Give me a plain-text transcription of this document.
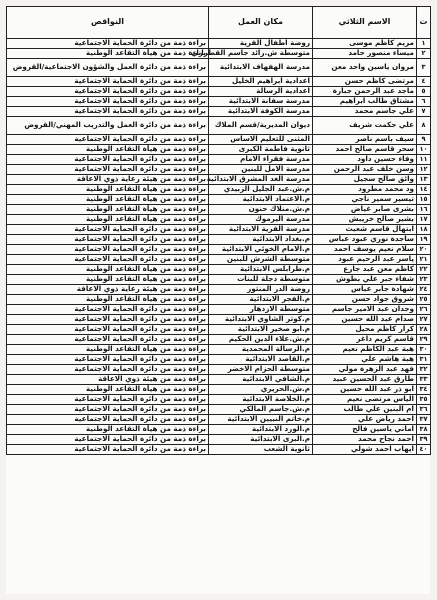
ت	الاسم الثلاثي	مكان العمل	النواقص
١	مريم كاظم موسى	روضة اطفال القرية	براءة ذمة من دائرة الحماية الاجتماعية
٢	ميساء منصور حامد	متوسطة ش.رائد جاسم القطراني	براءة ذمة من هيأة التقاعد الوطنية
٣	مروان ياسين واحد معن	مدرسة الهفهاف الابتدائية	براءة ذمة من دائرة العمل والشؤون الاجتماعية/القروض
٤	مرتضى كاظم حسن	اعدادية ابراهيم الخليل	براءة ذمة من دائرة الحماية الاجتماعية
٥	ماجد عبد الرحمن جبارة	اعدادية الرسالة	براءة ذمة من دائرة الحماية الاجتماعية
٦	مشتاق طالب ابراهيم	مدرسة سفانة الابتدائية	براءة ذمة من دائرة الحماية الاجتماعية
٧	علي جاسم محمد	مدرسة الكوفة الابتدائية	براءة ذمة من دائرة الحماية الاجتماعية
٨	علي حكمت شريف	ديوان المديرية/قسم الملاك	براءة ذمة من دائرة العمل والتدريب المهني/القروض
٩	سيف باسم ناصر	المثنى للتعليم الاساس	براءة ذمة من دائرة الحماية الاجتماعية
١٠	سحر قاسم صالح احمد	ثانوية فاطمة الكبرى	براءة ذمة من هيأة التقاعد الوطنية
١١	وفاء حسين داود	مدرسة فقراء الامام	براءة ذمة من دائرة الحماية الاجتماعية
١٢	وسن خلف عبد الرحمن	مدرسة الامل للبنين	براءة ذمة من دائرة الحماية الاجتماعية
١٣	وائق صالح سجيل	مدرسة الغد المشرق الابتدائية	براءة ذمة من هيئة رعاية ذوي الاعاقة
١٤	ود محمد مطرود	م.ش.عبد الجليل الزبيدي	براءة ذمة من هيأة التقاعد الوطنية
١٥	تيسير سمير ناجي	م.الاعتماد الابتدائية	براءة ذمة من هيأة التقاعد الوطنية
١٦	بشرى صابر غياض	م.ش.منلاك حنون	براءة ذمة من هيأة التقاعد الوطنية
١٧	بشير صالح خريبش	مدرسة اليرموك	براءة ذمة من هيأة التقاعد الوطنية
١٨	ابتهال قاسم شعيث	مدرسة القرية الابتدائية	براءة ذمة من دائرة الحماية الاجتماعية
١٩	ساجدة نوري عبود عباس	م.بغداد الابتدائية	براءة ذمة من دائرة الحماية الاجتماعية
٢٠	سلام نعيم يوسف احمد	م.الامام الخوئي الابتدائية	براءة ذمة من دائرة الحماية الاجتماعية
٢١	ياسر عبد الرحيم عبود	متوسطة الشرش للبنين	براءة ذمة من دائرة الحماية الاجتماعية
٢٢	كاظم معن عبد جارع	م.طرابلس الابتدائية	براءة ذمة من هيأة التقاعد الوطنية
٢٣	شفاء جبر علي بطوش	متوسطة دجلة للبنات	براءة ذمة من هيأة التقاعد الوطنية
٢٤	شهادة جابر عباس	روضة الدر المنثور	براءة ذمة من هيئة رعاية ذوي الاعاقة
٢٥	شروق جواد حسن	م.الفجر الابتدائية	براءة ذمة من هيأة التقاعد الوطنية
٢٦	وجدان عبد الامير جاسم	متوسطة الازدهار	براءة ذمة من دائرة الحماية الاجتماعية
٢٧	صدام عبد الله حسين	م.كوثر الشاوي الابتدائية	براءة ذمة من دائرة الحماية الاجتماعية
٢٨	كرار كاظم محيل	م.ابو صخير الابتدائية	براءة ذمة من دائرة الحماية الاجتماعية
٢٩	قاسم كريم داغر	م.ش.علاء الدين الحكيم	براءة ذمة من دائرة الحماية الاجتماعية
٣٠	هبة عبد الكاظم نعيم	م.الرسالة المحمدية	براءة ذمة من هيأة التقاعد الوطنية
٣١	هبة هاشم علي	م.القاصد الابتدائية	براءة ذمة من دائرة الحماية الاجتماعية
٣٢	فهد عبد الزهرة مولي	متوسطة الحزام الاخضر	براءة ذمة من دائرة الحماية الاجتماعية
٣٣	طارق عبد الحسين عبيد	م.الشافي الابتدائية	براءة ذمة من هيئة ذوي الاعاقة
٣٤	ابو ذر عبد الله حسين	م.ش.الحريري	براءة ذمة من هيأة التقاعد الوطنية
٣٥	الياس مرتضى نعيم	م.الخلاصة الابتدائية	براءة ذمة من دائرة الحماية الاجتماعية
٣٦	ام البنين علي طالب	م.ش.جاسم المالكي	براءة ذمة من دائرة الحماية الاجتماعية
٣٧	احمد رياض علي	م.خاتم النبيين الابتدائية	براءة ذمة من دائرة الحماية الاجتماعية
٣٨	اماني ياسين فالح	م.الورد الابتدائية	براءة ذمة من هيأة التقاعد الوطنية
٣٩	احمد نجاح محمد	م.البرى الابتدائية	براءة ذمة من دائرة الحماية الاجتماعية
٤٠	ايهاب احمد شولي	ثانوية الشعب	براءة ذمة من دائرة الحماية الاجتماعية
